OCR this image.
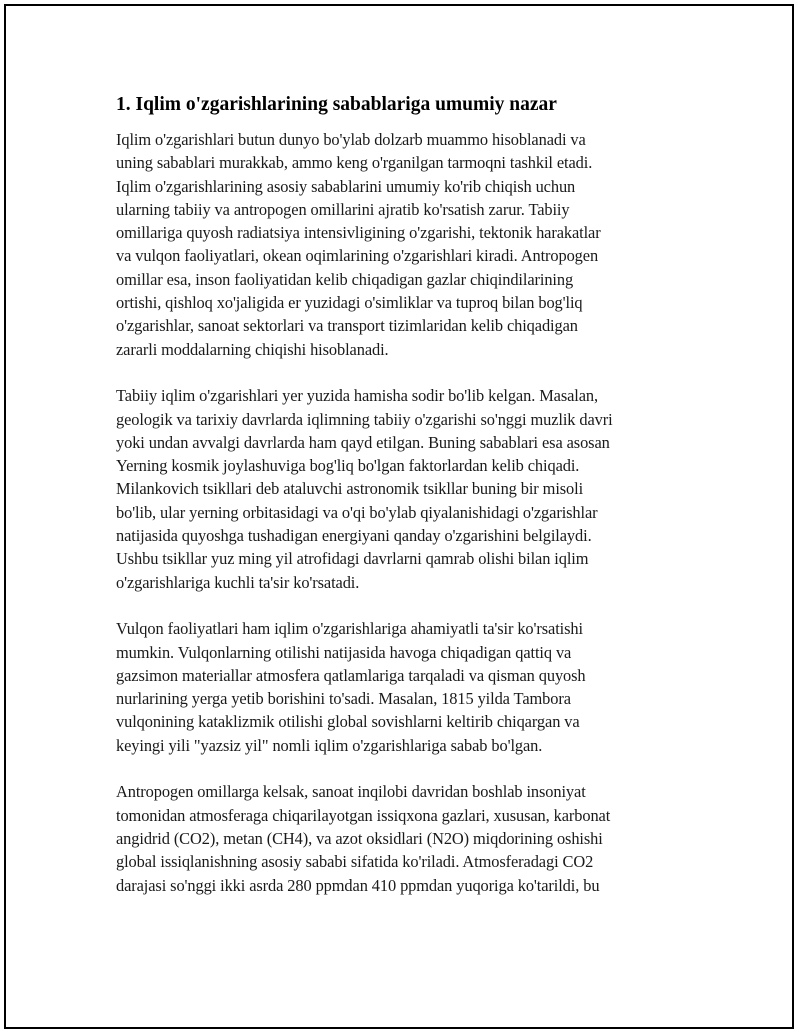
1. Iqlim o'zgarishlarining sabablariga umumiy nazar

Iqlim o'zgarishlari butun dunyo bo'ylab dolzarb muammo hisoblanadi va
uning sabablari murakkab, ammo keng o'rganilgan tarmoqni tashkil etadi.
Iqlim o'zgarishlarining asosiy sabablarini umumiy ko'rib chiqish uchun
ularning tabiiy va antropogen omillarini ajratib ko'rsatish zarur. Tabiiy
omillariga quyosh radiatsiya intensivligining o'zgarishi, tektonik harakatlar
va vulqon faoliyatlari, okean oqimlarining o'zgarishlari kiradi. Antropogen
omillar esa, inson faoliyatidan kelib chiqadigan gazlar chiqindilarining
ortishi, qishloq xo'jaligida er yuzidagi o'simliklar va tuproq bilan bog'liq
o'zgarishlar, sanoat sektorlari va transport tizimlaridan kelib chiqadigan
zararli moddalarning chiqishi hisoblanadi.

Tabiiy iqlim o'zgarishlari yer yuzida hamisha sodir bo'lib kelgan. Masalan,
geologik va tarixiy davrlarda iqlimning tabiiy o'zgarishi so'nggi muzlik davri
yoki undan avvalgi davrlarda ham qayd etilgan. Buning sabablari esa asosan
Yerning kosmik joylashuviga bog'liq bo'lgan faktorlardan kelib chiqadi.
Milankovich tsikllari deb ataluvchi astronomik tsikllar buning bir misoli
bo'lib, ular yerning orbitasidagi va o'qi bo'ylab qiyalanishidagi o'zgarishlar
natijasida quyoshga tushadigan energiyani qanday o'zgarishini belgilaydi.
Ushbu tsikllar yuz ming yil atrofidagi davrlarni qamrab olishi bilan iqlim
o'zgarishlariga kuchli ta'sir ko'rsatadi.

Vulqon faoliyatlari ham iqlim o'zgarishlariga ahamiyatli ta'sir ko'rsatishi
mumkin. Vulqonlarning otilishi natijasida havoga chiqadigan qattiq va
gazsimon materiallar atmosfera qatlamlariga tarqaladi va qisman quyosh
nurlarining yerga yetib borishini to'sadi. Masalan, 1815 yilda Tambora
vulqonining kataklizmik otilishi global sovishlarni keltirib chiqargan va
keyingi yili "yazsiz yil" nomli iqlim o'zgarishlariga sabab bo'lgan.

Antropogen omillarga kelsak, sanoat inqilobi davridan boshlab insoniyat
tomonidan atmosferaga chiqarilayotgan issiqxona gazlari, xususan, karbonat
angidrid (CO2), metan (CH4), va azot oksidlari (N2O) miqdorining oshishi
global issiqlanishning asosiy sababi sifatida ko'riladi. Atmosferadagi CO2
darajasi so'nggi ikki asrda 280 ppmdan 410 ppmdan yuqoriga ko'tarildi, bu
